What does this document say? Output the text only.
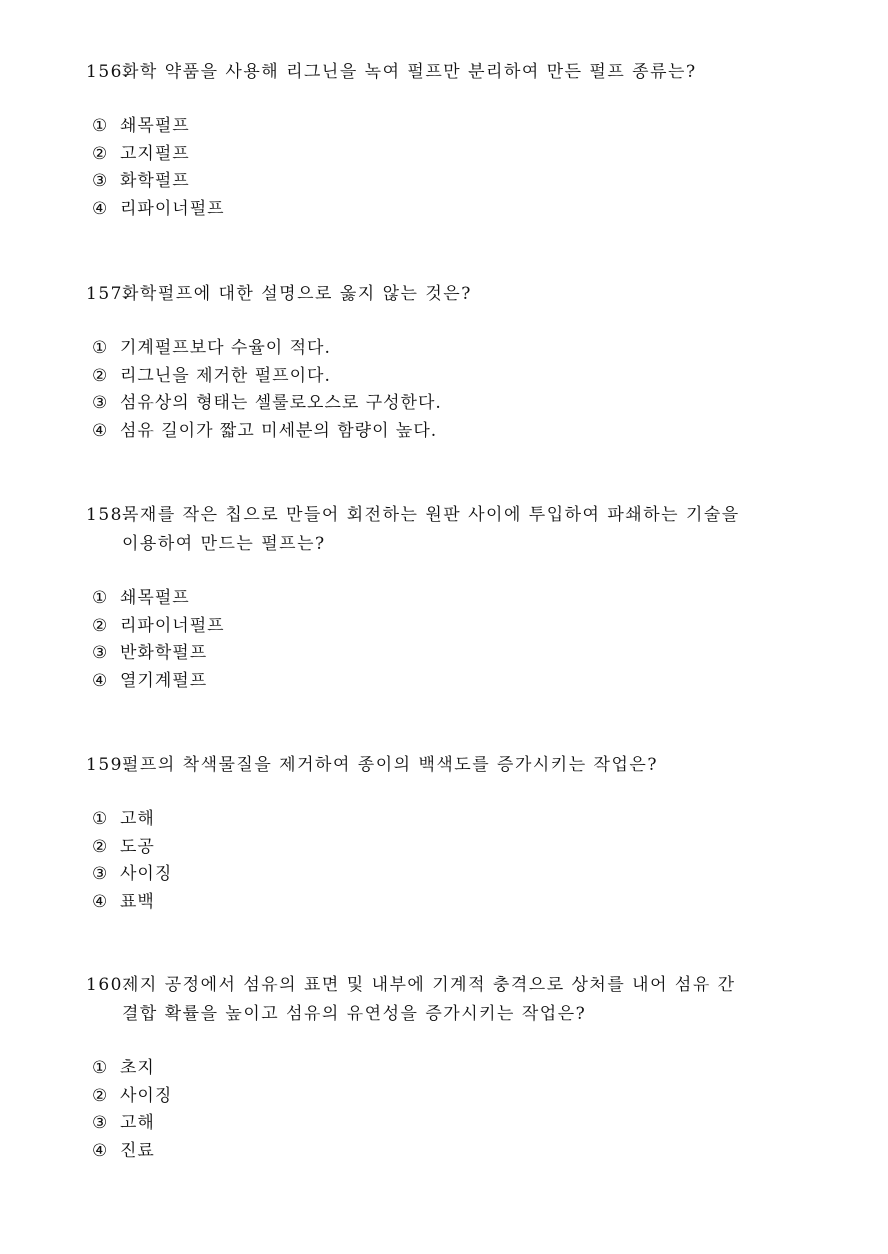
156.
화학 약품을 사용해 리그닌을 녹여 펄프만 분리하여 만든 펄프 종류는?
① 쇄목펄프
② 고지펄프
③ 화학펄프
④ 리파이너펄프
157.
화학펄프에 대한 설명으로 옳지 않는 것은?
① 기계펄프보다 수율이 적다.
② 리그닌을 제거한 펄프이다.
③ 섬유상의 형태는 셀룰로오스로 구성한다.
④ 섬유 길이가 짧고 미세분의 함량이 높다.
158.
목재를 작은 칩으로 만들어 회전하는 원판 사이에 투입하여 파쇄하는 기술을
이용하여 만드는 펄프는?
① 쇄목펄프
② 리파이너펄프
③ 반화학펄프
④ 열기계펄프
159.
펄프의 착색물질을 제거하여 종이의 백색도를 증가시키는 작업은?
① 고해
② 도공
③ 사이징
④ 표백
160.
제지 공정에서 섬유의 표면 및 내부에 기계적 충격으로 상처를 내어 섬유 간
결합 확률을 높이고 섬유의 유연성을 증가시키는 작업은?
① 초지
② 사이징
③ 고해
④ 진료
